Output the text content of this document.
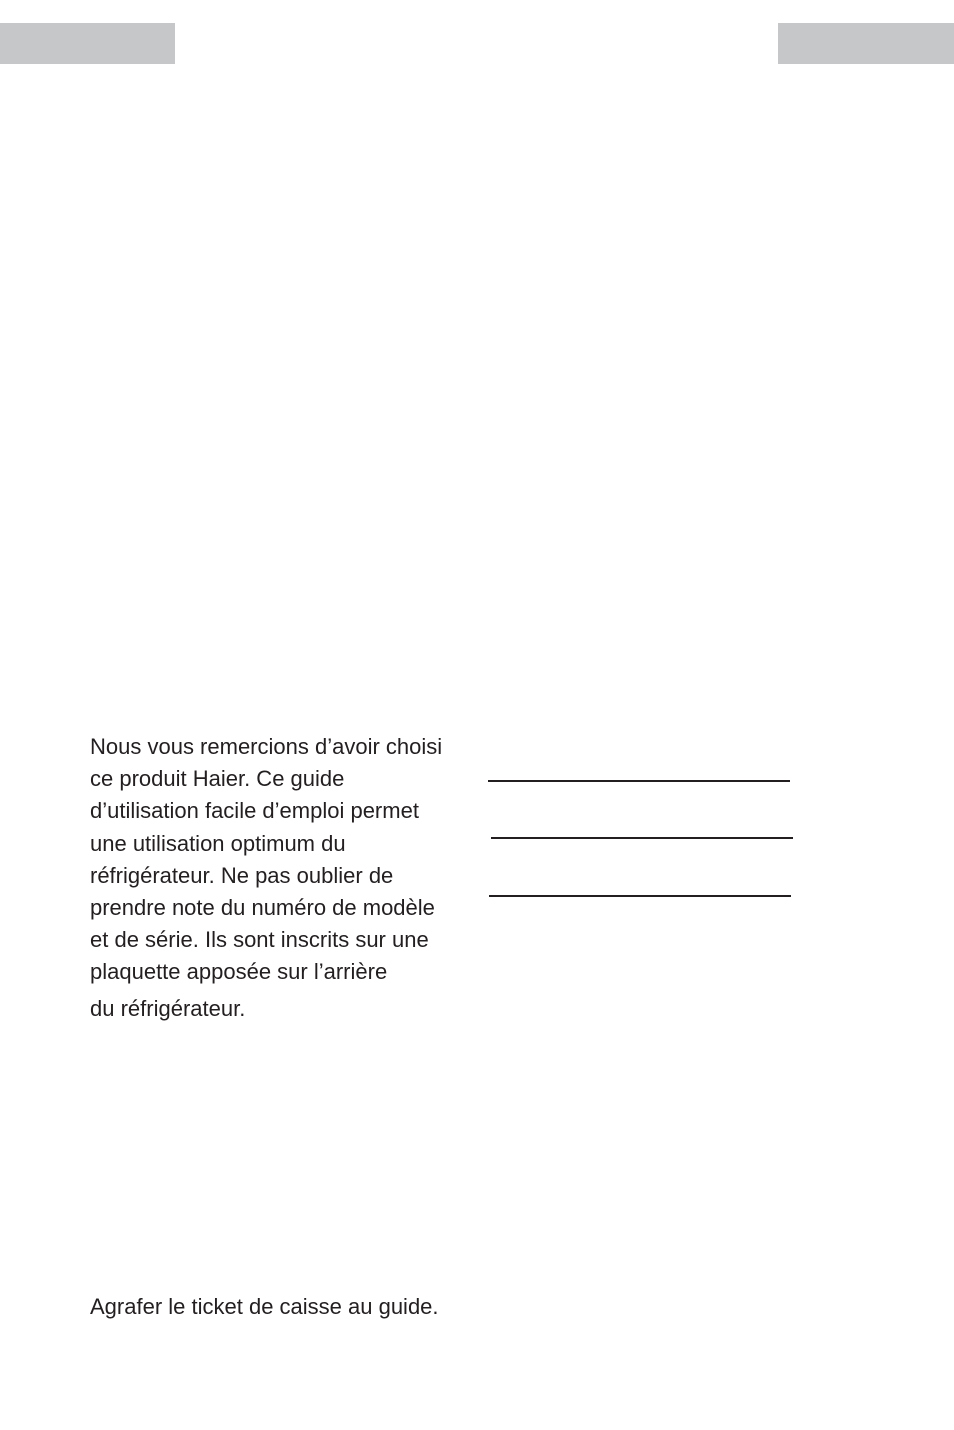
Nous vous remercions d’avoir choisi
ce produit Haier. Ce guide
d’utilisation facile d’emploi permet
une utilisation optimum du
réfrigérateur. Ne pas oublier de
prendre note du numéro de modèle
et de série. Ils sont inscrits sur une
plaquette apposée sur l’arrière
du réfrigérateur.
Agrafer le ticket de caisse au guide.
